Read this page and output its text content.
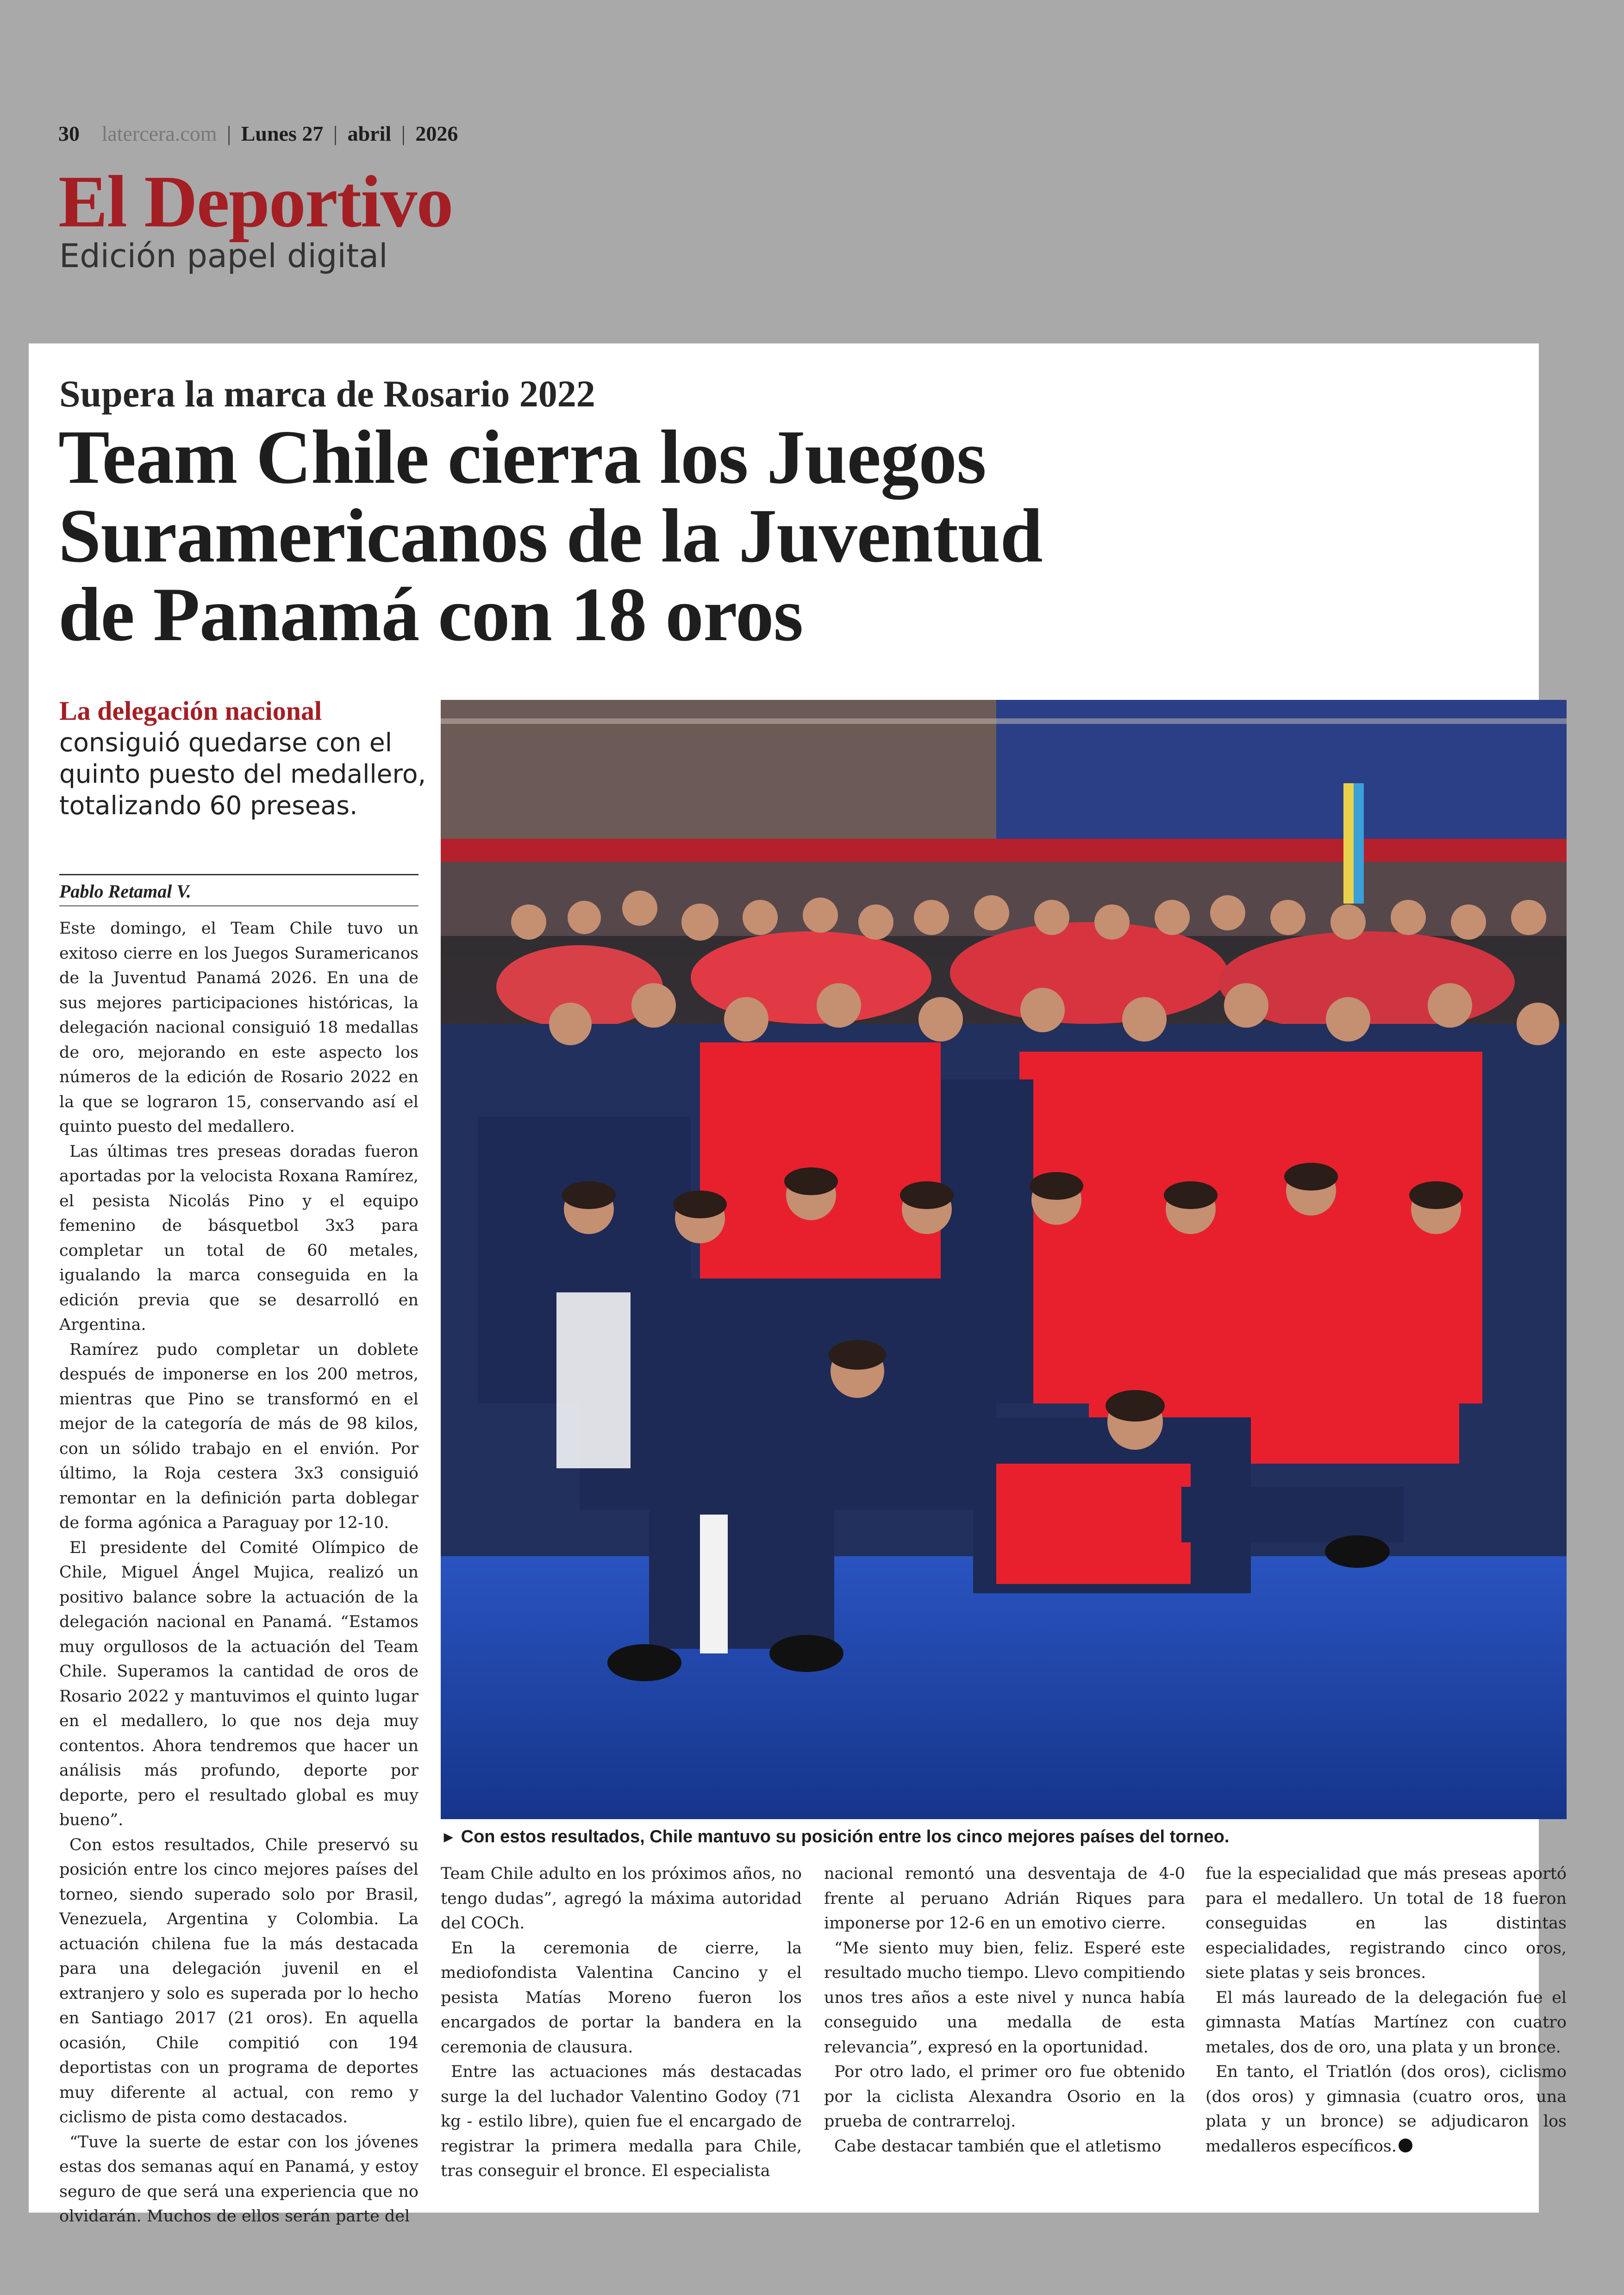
30 latercera.com | Lunes 27 | abril | 2026
El Deportivo
Edición papel digital
Supera la marca de Rosario 2022
Team Chile cierra los Juegos
Suramericanos de la Juventud
de Panamá con 18 oros
La delegación nacional
consiguió quedarse con el quinto puesto del medallero, totalizando 60 preseas.
Pablo Retamal V.

Este domingo, el Team Chile tuvo un exitoso cierre en los Juegos Suramericanos de la Juventud Panamá 2026. En una de sus mejores participaciones históricas, la delegación nacional consiguió 18 medallas de oro, mejorando en este aspecto los números de la edición de Rosario 2022 en la que se lograron 15, conservando así el quinto puesto del medallero.

Las últimas tres preseas doradas fueron aportadas por la velocista Roxana Ramírez, el pesista Nicolás Pino y el equipo femenino de básquetbol 3x3 para completar un total de 60 metales, igualando la marca conseguida en la edición previa que se desarrolló en Argentina.

Ramírez pudo completar un doblete después de imponerse en los 200 metros, mientras que Pino se transformó en el mejor de la categoría de más de 98 kilos, con un sólido trabajo en el envión. Por último, la Roja cestera 3x3 consiguió remontar en la definición parta doblegar de forma agónica a Paraguay por 12-10.

El presidente del Comité Olímpico de Chile, Miguel Ángel Mujica, realizó un positivo balance sobre la actuación de la delegación nacional en Panamá. “Estamos muy orgullosos de la actuación del Team Chile. Superamos la cantidad de oros de Rosario 2022 y mantuvimos el quinto lugar en el medallero, lo que nos deja muy contentos. Ahora tendremos que hacer un análisis más profundo, deporte por deporte, pero el resultado global es muy bueno”.

Con estos resultados, Chile preservó su posición entre los cinco mejores países del torneo, siendo superado solo por Brasil, Venezuela, Argentina y Colombia. La actuación chilena fue la más destacada para una delegación juvenil en el extranjero y solo es superada por lo hecho en Santiago 2017 (21 oros). En aquella ocasión, Chile compitió con 194 deportistas con un programa de deportes muy diferente al actual, con remo y ciclismo de pista como destacados.

“Tuve la suerte de estar con los jóvenes estas dos semanas aquí en Panamá, y estoy seguro de que será una experiencia que no olvidarán. Muchos de ellos serán parte del

► Con estos resultados, Chile mantuvo su posición entre los cinco mejores países del torneo.

Team Chile adulto en los próximos años, no tengo dudas”, agregó la máxima autoridad del COCh.

En la ceremonia de cierre, la mediofondista Valentina Cancino y el pesista Matías Moreno fueron los encargados de portar la bandera en la ceremonia de clausura.

Entre las actuaciones más destacadas surge la del luchador Valentino Godoy (71 kg - estilo libre), quien fue el encargado de registrar la primera medalla para Chile, tras conseguir el bronce. El especialista

nacional remontó una desventaja de 4-0 frente al peruano Adrián Riques para imponerse por 12-6 en un emotivo cierre.

“Me siento muy bien, feliz. Esperé este resultado mucho tiempo. Llevo compitiendo unos tres años a este nivel y nunca había conseguido una medalla de esta relevancia”, expresó en la oportunidad.

Por otro lado, el primer oro fue obtenido por la ciclista Alexandra Osorio en la prueba de contrarreloj.

Cabe destacar también que el atletismo

fue la especialidad que más preseas aportó para el medallero. Un total de 18 fueron conseguidas en las distintas especialidades, registrando cinco oros, siete platas y seis bronces.

El más laureado de la delegación fue el gimnasta Matías Martínez con cuatro metales, dos de oro, una plata y un bronce.

En tanto, el Triatlón (dos oros), ciclismo (dos oros) y gimnasia (cuatro oros, una plata y un bronce) se adjudicaron los medalleros específicos.
